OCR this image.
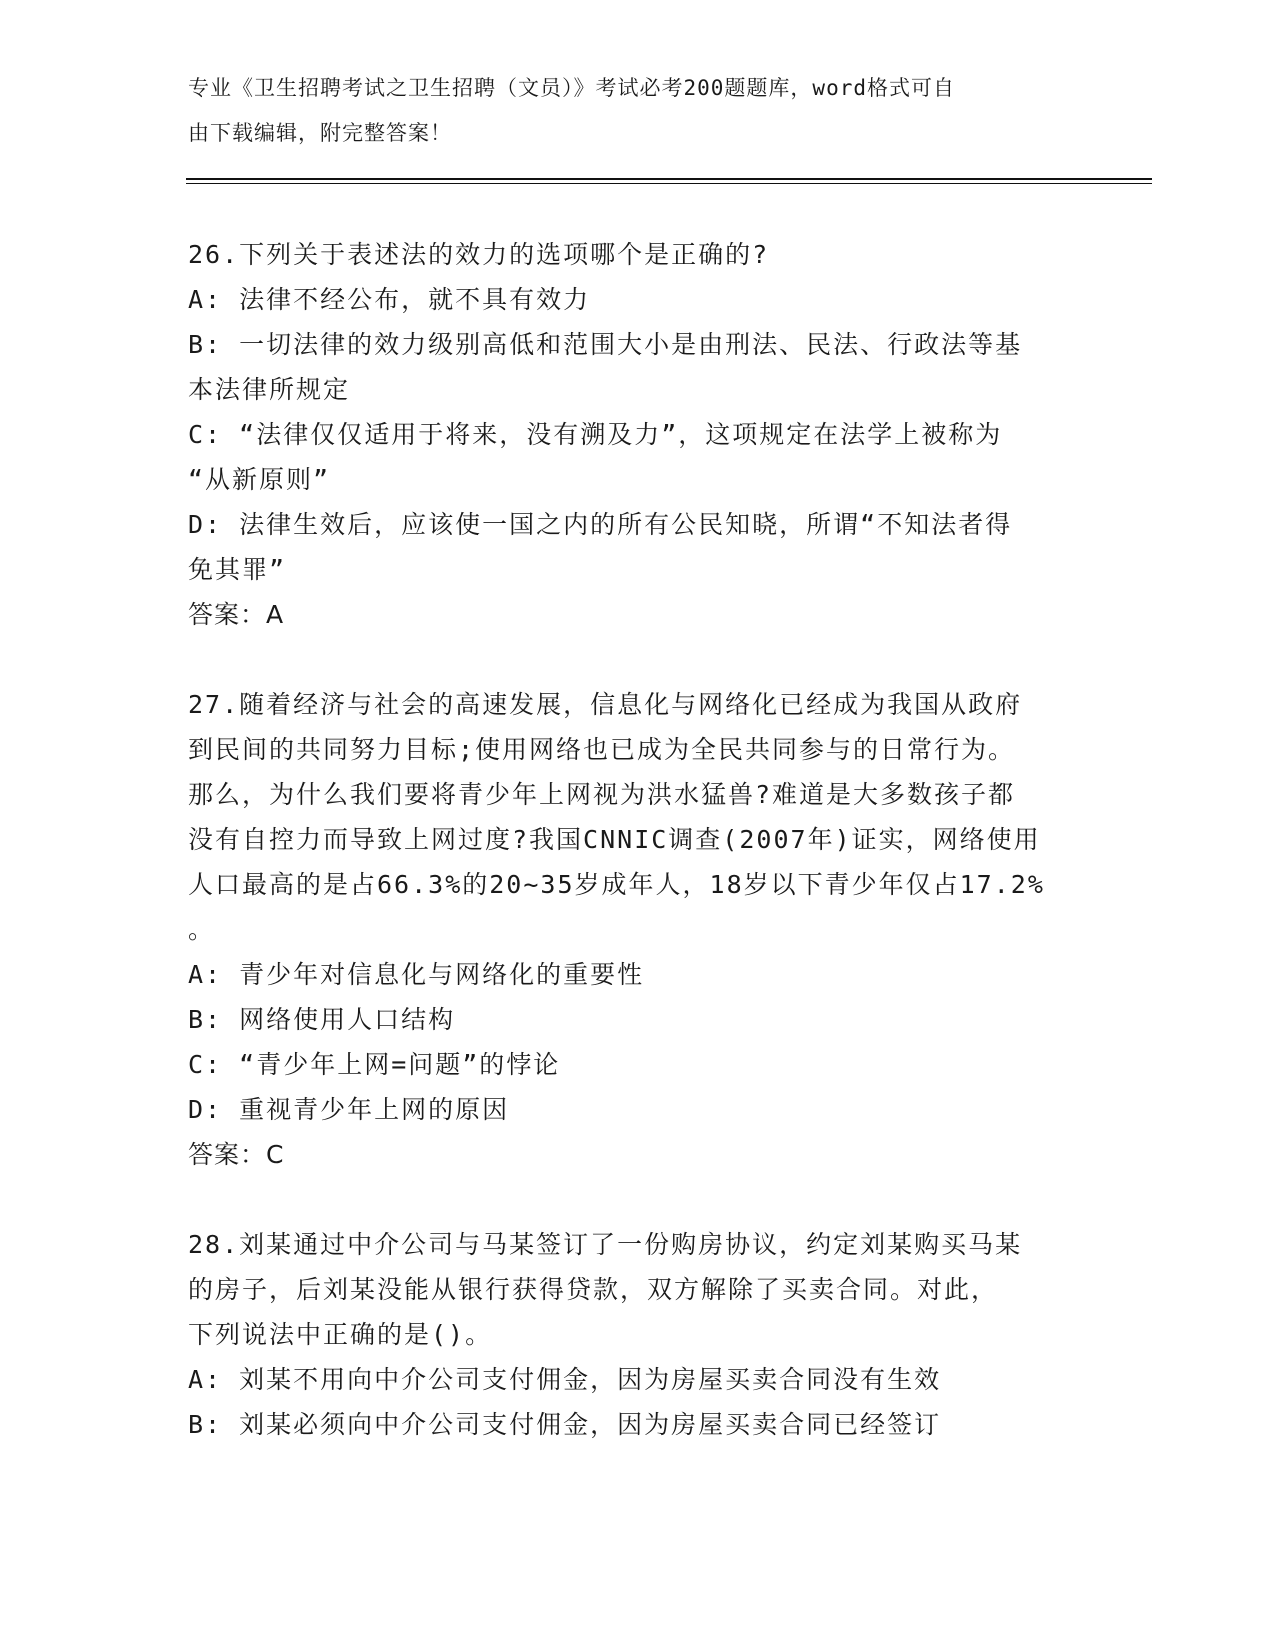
专业《卫生招聘考试之卫生招聘（文员）》考试必考200题题库，word格式可自
由下载编辑，附完整答案！
26.下列关于表述法的效力的选项哪个是正确的?
A: 法律不经公布，就不具有效力
B: 一切法律的效力级别高低和范围大小是由刑法、民法、行政法等基
本法律所规定
C: “法律仅仅适用于将来，没有溯及力”，这项规定在法学上被称为
“从新原则”
D: 法律生效后，应该使一国之内的所有公民知晓，所谓“不知法者得
免其罪”
答案：A
27.随着经济与社会的高速发展，信息化与网络化已经成为我国从政府
到民间的共同努力目标;使用网络也已成为全民共同参与的日常行为。
那么，为什么我们要将青少年上网视为洪水猛兽?难道是大多数孩子都
没有自控力而导致上网过度?我国CNNIC调查(2007年)证实，网络使用
人口最高的是占66.3%的20~35岁成年人，18岁以下青少年仅占17.2%
。
A: 青少年对信息化与网络化的重要性
B: 网络使用人口结构
C: “青少年上网=问题”的悖论
D: 重视青少年上网的原因
答案：C
28.刘某通过中介公司与马某签订了一份购房协议，约定刘某购买马某
的房子，后刘某没能从银行获得贷款，双方解除了买卖合同。对此，
下列说法中正确的是()。
A: 刘某不用向中介公司支付佣金，因为房屋买卖合同没有生效
B: 刘某必须向中介公司支付佣金，因为房屋买卖合同已经签订
